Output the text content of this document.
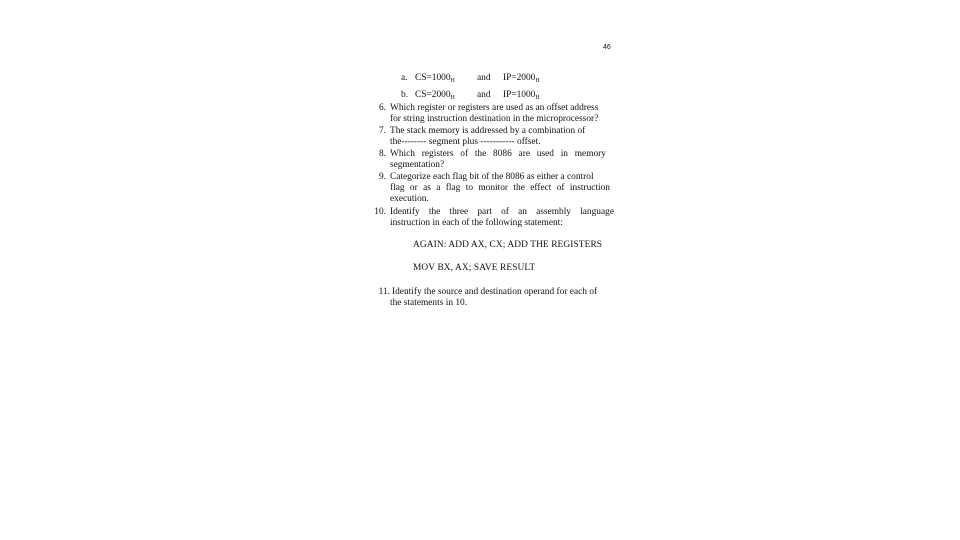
46
a. $CS=1000_H$ and $IP=2000_H$
b. $CS=2000_H$ and $IP=1000_H$
6. Which register or registers are used as an offset address
for string instruction destination in the microprocessor?
7. The stack memory is addressed by a combination of
the-------- segment plus ----------- offset.
8. Which registers of the 8086 are used in memory
segmentation?
9. Categorize each flag bit of the 8086 as either a control
flag or as a flag to monitor the effect of instruction
execution.
10. Identify the three part of an assembly language
instruction in each of the following statement:
AGAIN: ADD AX, CX; ADD THE REGISTERS
MOV BX, AX; SAVE RESULT
11. Identify the source and destination operand for each of
the statements in 10.
